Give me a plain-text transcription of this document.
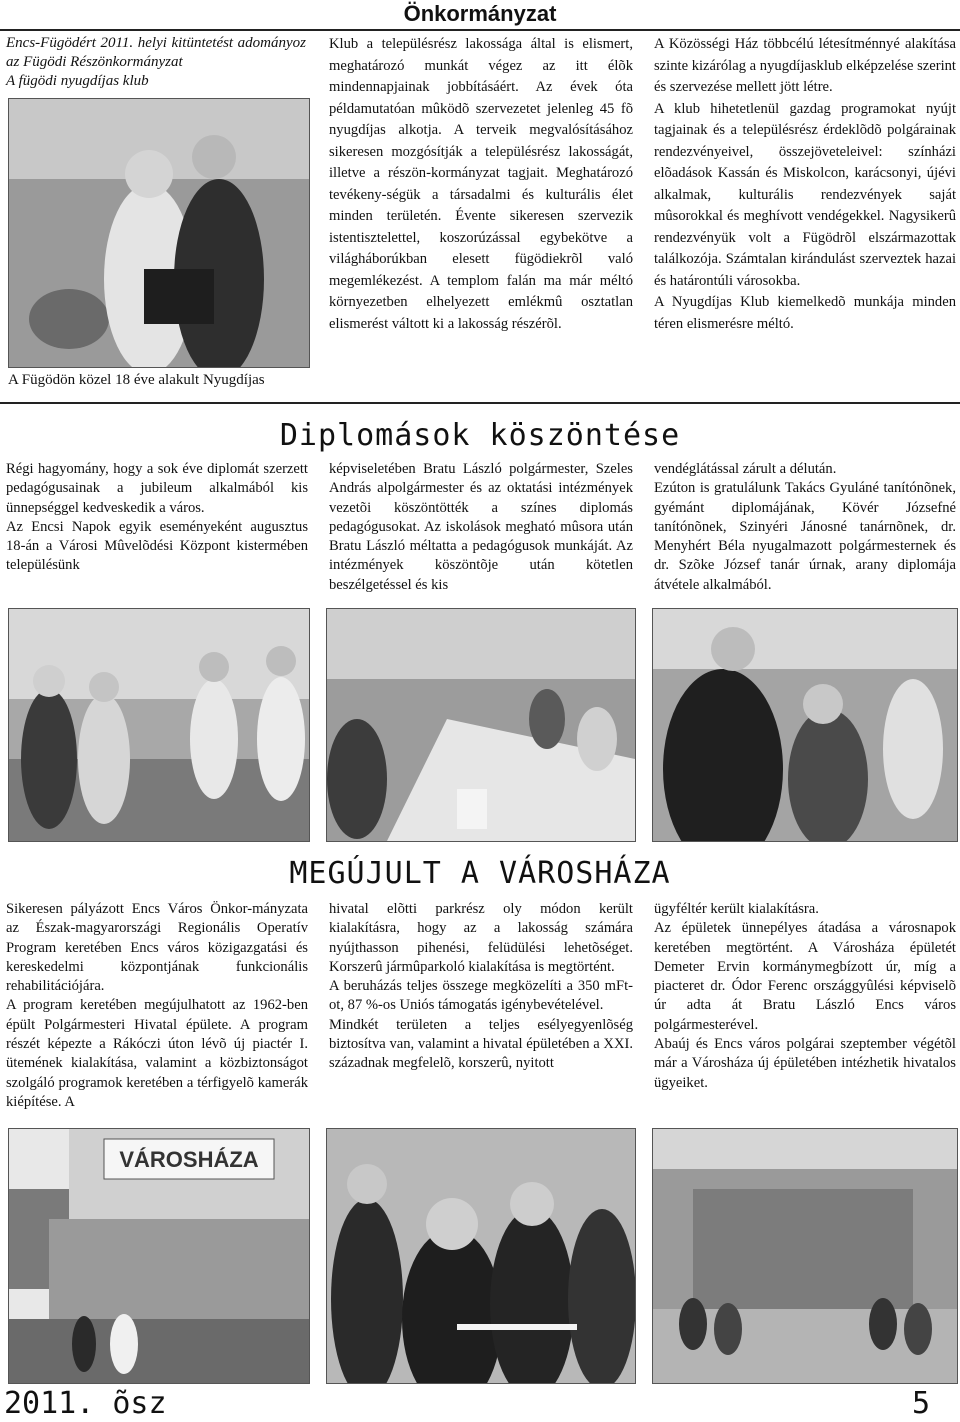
Önkormányzat
Encs-Fügödért 2011. helyi kitüntetést adományoz az Fügödi Részönkormányzat
A fügödi nyugdíjas klub
A Fügödön közel 18 éve alakult Nyugdíjas
Klub a településrész lakossága által is elismert, meghatározó munkát végez az itt élõk mindennapjainak jobbításáért. Az évek óta példamutatóan mûködõ szervezetet jelenleg 45 fõ nyugdíjas alkotja. A terveik megvalósításához sikeresen mozgósítják a településrész lakosságát, illetve a részön-kormányzat tagjait. Meghatározó tevékeny-ségük a társadalmi és kulturális élet minden területén. Évente sikeresen szervezik istentisztelettel, koszorúzással egybekötve a világháborúkban elesett fügödiekrõl való megemlékezést. A templom falán ma már méltó környezetben elhelyezett emlékmû osztatlan elismerést váltott ki a lakosság részérõl.

A Közösségi Ház többcélú létesítménnyé alakítása szinte kizárólag a nyugdíjasklub elképzelése szerint és szervezése mellett jött létre.

A klub hihetetlenül gazdag programokat nyújt tagjainak és a településrész érdeklõdõ polgárainak rendezvényeivel, összejöveteleivel: színházi elõadások Kassán és Miskolcon, karácsonyi, újévi alkalmak, kulturális rendezvények saját mûsorokkal és meghívott vendégekkel. Nagysikerû rendezvényük volt a Fügödrõl elszármazottak találkozója. Számtalan kirándulást szerveztek hazai és határontúli városokba.

A Nyugdíjas Klub kiemelkedõ munkája minden téren elismerésre méltó.

Diplomások köszöntése

Régi hagyomány, hogy a sok éve diplomát szerzett pedagógusainak a jubileum alkalmából kis ünnepséggel kedveskedik a város.

Az Encsi Napok egyik eseményeként augusztus 18-án a Városi Mûvelõdési Központ kistermében településünk

képviseletében Bratu László polgármester, Szeles András alpolgármester és az oktatási intézmények vezetõi köszöntötték a színes diplomás pedagógusokat. Az iskolások megható mûsora után Bratu László méltatta a pedagógusok munkáját. Az intézmények köszöntõje után kötetlen beszélgetéssel és kis

vendéglátással zárult a délután.

Ezúton is gratulálunk Takács Gyuláné tanítónõnek, gyémánt diplomájának, Kövér Józsefné tanítónõnek, Szinyéri Jánosné tanárnõnek, dr. Menyhért Béla nyugalmazott polgármesternek és dr. Szõke József tanár úrnak, arany diplomája átvétele alkalmából.

MEGÚJULT A VÁROSHÁZA

Sikeresen pályázott Encs Város Önkor-mányzata az Észak-magyarországi Regionális Operatív Program keretében Encs város közigazgatási és kereskedelmi központjának funkcionális rehabilitációjára.

A program keretében megújulhatott az 1962-ben épült Polgármesteri Hivatal épülete. A program részét képezte a Rákóczi úton lévõ új piactér I. ütemének kialakítása, valamint a közbiztonságot szolgáló programok keretében a térfigyelõ kamerák kiépítése. A

hivatal elõtti parkrész oly módon került kialakításra, hogy az a lakosság számára nyújthasson pihenési, felüdülési lehetõséget. Korszerû jármûparkoló kialakítása is megtörtént.

A beruházás teljes összege megközelíti a 350 mFt-ot, 87 %-os Uniós támogatás igénybevételével.

Mindkét területen a teljes esélyegyenlõség biztosítva van, valamint a hivatal épületében a XXI. századnak megfelelõ, korszerû, nyitott

ügyféltér került kialakításra.

Az épületek ünnepélyes átadása a városnapok keretében megtörtént. A Városháza épületét Demeter Ervin kormánymegbízott úr, míg a piacteret dr. Ódor Ferenc országgyûlési képviselõ úr adta át Bratu László Encs város polgármesterével.

Abaúj és Encs város polgárai szeptember végétõl már a Városháza új épületében intézhetik hivatalos ügyeiket.

VÁROSHÁZA
2011. õsz	5
